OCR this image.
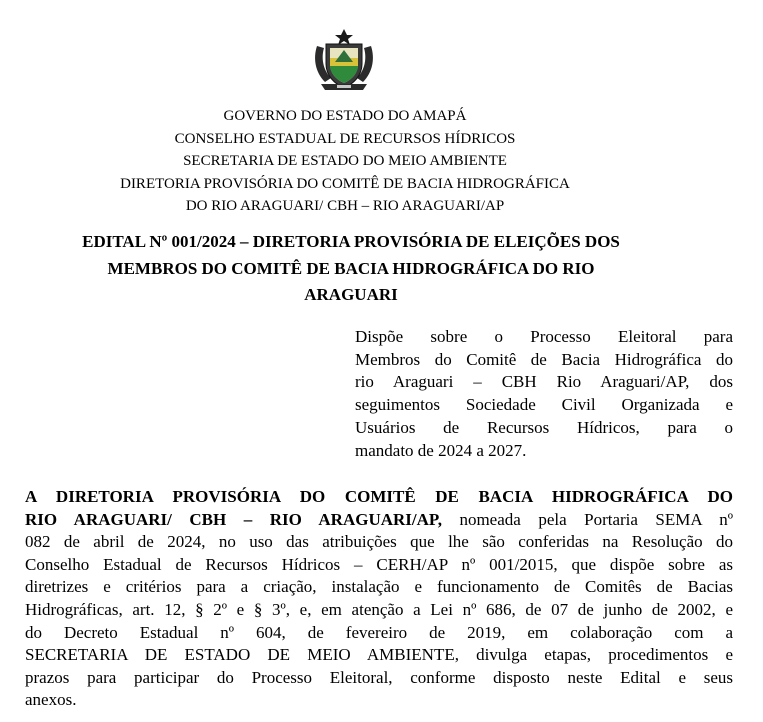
GOVERNO DO ESTADO DO AMAPÁ
CONSELHO ESTADUAL DE RECURSOS HÍDRICOS
SECRETARIA DE ESTADO DO MEIO AMBIENTE
DIRETORIA PROVISÓRIA DO COMITÊ DE BACIA HIDROGRÁFICA
DO RIO ARAGUARI/ CBH – RIO ARAGUARI/AP
EDITAL Nº 001/2024 – DIRETORIA PROVISÓRIA DE ELEIÇÕES DOS
MEMBROS DO COMITÊ DE BACIA HIDROGRÁFICA DO RIO
ARAGUARI
Dispõe sobre o Processo Eleitoral para
Membros do Comitê de Bacia Hidrográfica do
rio Araguari – CBH Rio Araguari/AP, dos
seguimentos Sociedade Civil Organizada e
Usuários de Recursos Hídricos, para o
mandato de 2024 a 2027.
A DIRETORIA PROVISÓRIA DO COMITÊ DE BACIA HIDROGRÁFICA DO
RIO ARAGUARI/ CBH – RIO ARAGUARI/AP, nomeada pela Portaria SEMA nº
082 de abril de 2024, no uso das atribuições que lhe são conferidas na Resolução do
Conselho Estadual de Recursos Hídricos – CERH/AP nº 001/2015, que dispõe sobre as
diretrizes e critérios para a criação, instalação e funcionamento de Comitês de Bacias
Hidrográficas, art. 12, § 2º e § 3º, e, em atenção a Lei nº 686, de 07 de junho de 2002, e
do Decreto Estadual nº 604, de fevereiro de 2019, em colaboração com a
SECRETARIA DE ESTADO DE MEIO AMBIENTE, divulga etapas, procedimentos e
prazos para participar do Processo Eleitoral, conforme disposto neste Edital e seus
anexos.
